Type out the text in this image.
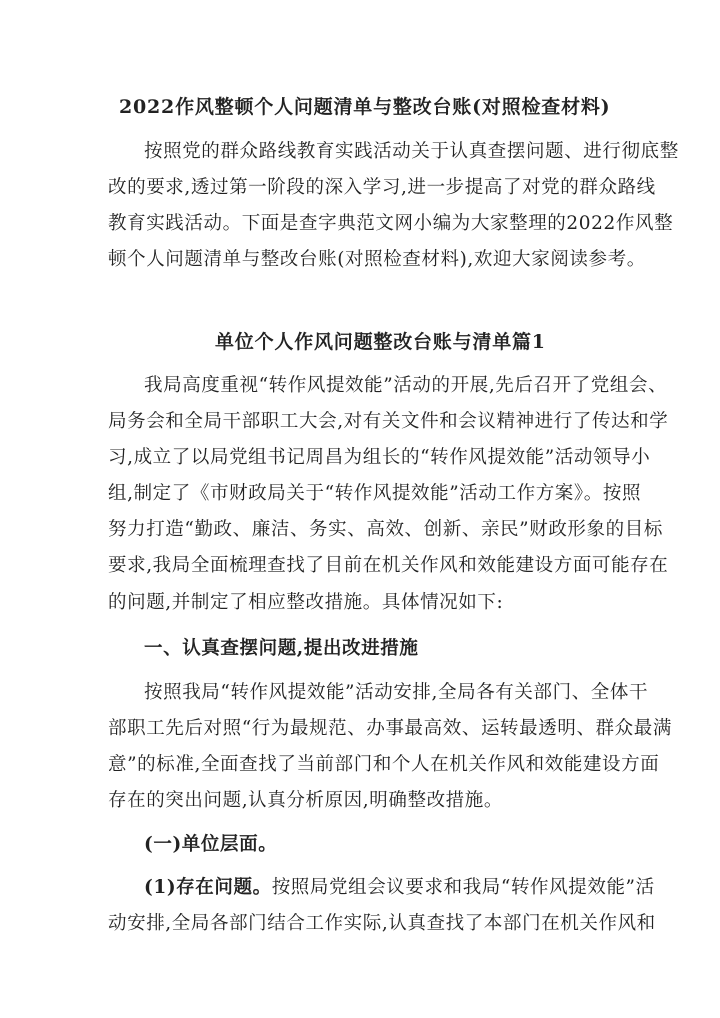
2022作风整顿个人问题清单与整改台账(对照检查材料)
按照党的群众路线教育实践活动关于认真查摆问题、进行彻底整
改的要求,透过第一阶段的深入学习,进一步提高了对党的群众路线
教育实践活动。下面是查字典范文网小编为大家整理的2022作风整
顿个人问题清单与整改台账(对照检查材料),欢迎大家阅读参考。
单位个人作风问题整改台账与清单篇1
我局高度重视“转作风提效能”活动的开展,先后召开了党组会、
局务会和全局干部职工大会,对有关文件和会议精神进行了传达和学
习,成立了以局党组书记周昌为组长的“转作风提效能”活动领导小
组,制定了《市财政局关于“转作风提效能”活动工作方案》。按照
努力打造“勤政、廉洁、务实、高效、创新、亲民”财政形象的目标
要求,我局全面梳理查找了目前在机关作风和效能建设方面可能存在
的问题,并制定了相应整改措施。具体情况如下:
一、认真查摆问题,提出改进措施
按照我局“转作风提效能”活动安排,全局各有关部门、全体干
部职工先后对照“行为最规范、办事最高效、运转最透明、群众最满
意”的标准,全面查找了当前部门和个人在机关作风和效能建设方面
存在的突出问题,认真分析原因,明确整改措施。
(一)单位层面。
(1)存在问题。按照局党组会议要求和我局“转作风提效能”活
动安排,全局各部门结合工作实际,认真查找了本部门在机关作风和
